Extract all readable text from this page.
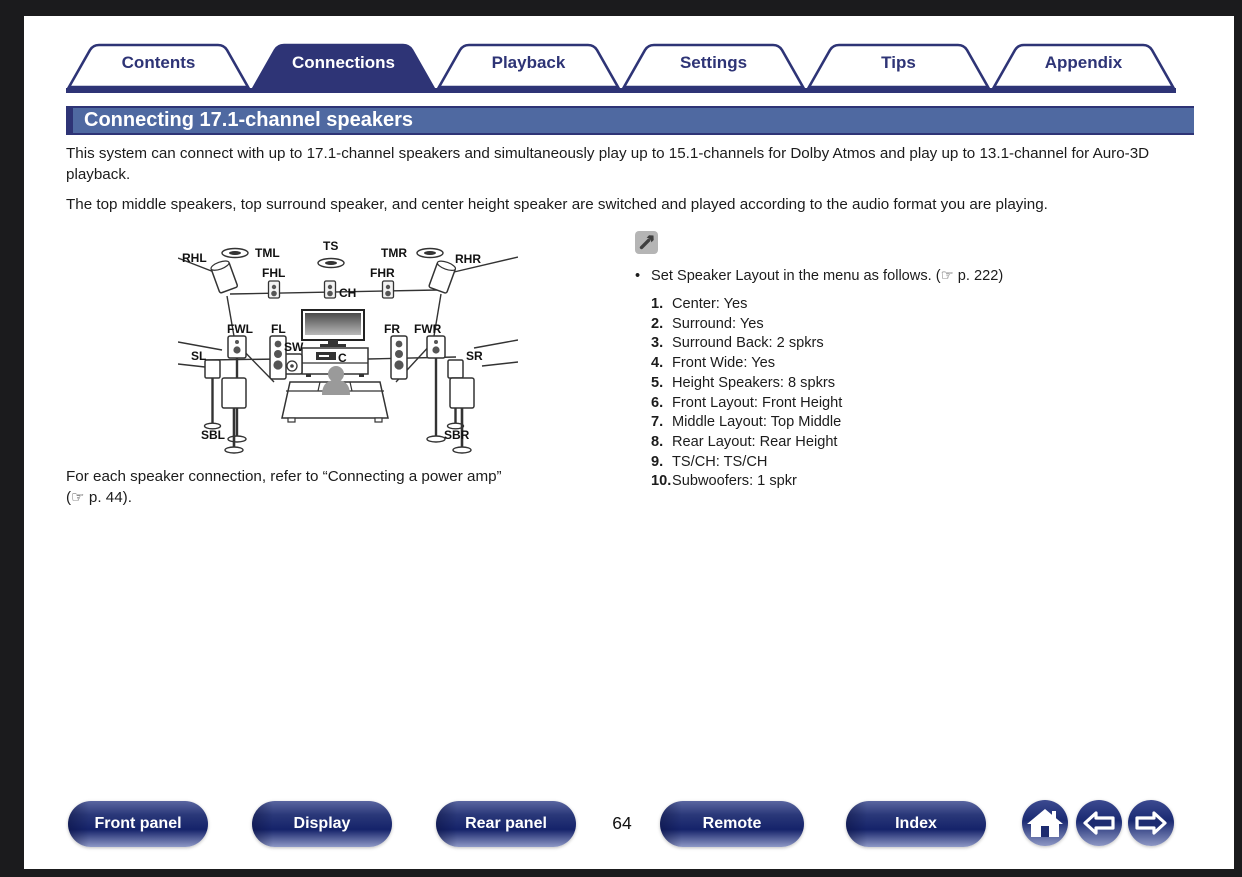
Contents	Connections	Playback	Settings	Tips	Appendix
Connecting 17.1-channel speakers

This system can connect with up to 17.1-channel speakers and simultaneously play up to 15.1-channels for Dolby Atmos and play up to 13.1-channel for Auro-3D playback.

The top middle speakers, top surround speaker, and center height speaker are switched and played according to the audio format you are playing.

RHL	TML	TS	TMR	RHR
FHL	FHR
CH
FWL FL	FR FWR
SW
C
SL	SR
SBL	SBR
For each speaker connection, refer to “Connecting a power amp” (☞ p. 44).
• Set Speaker Layout in the menu as follows. (☞ p. 222)
1. Center: Yes
2. Surround: Yes
3. Surround Back: 2 spkrs
4. Front Wide: Yes
5. Height Speakers: 8 spkrs
6. Front Layout: Front Height
7. Middle Layout: Top Middle
8. Rear Layout: Rear Height
9. TS/CH: TS/CH
10. Subwoofers: 1 spkr
Front panel	Display	Rear panel	64	Remote	Index
